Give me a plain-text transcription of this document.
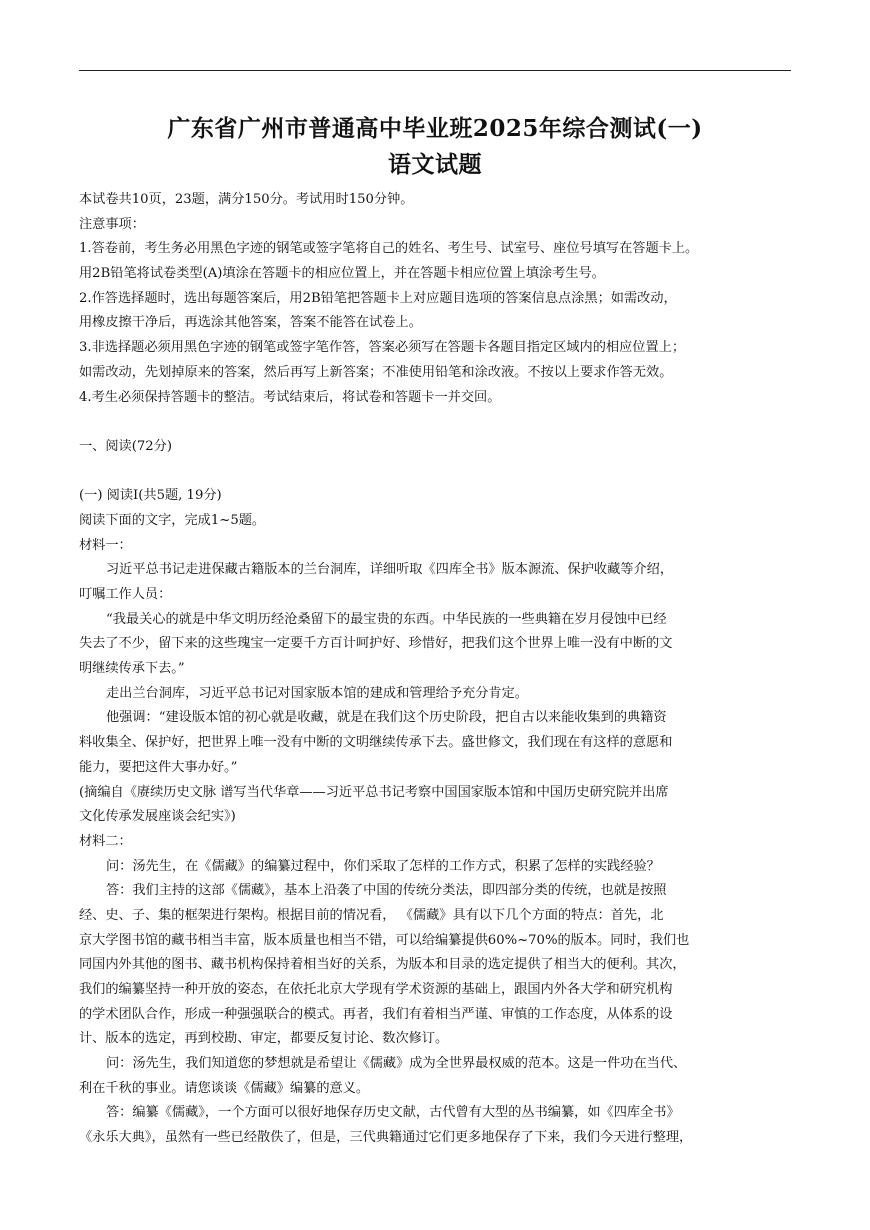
广东省广州市普通高中毕业班2025年综合测试(一)
语文试题
本试卷共10页，23题，满分150分。考试用时150分钟。
注意事项：
1.答卷前，考生务必用黑色字迹的钢笔或签字笔将自己的姓名、考生号、试室号、座位号填写在答题卡上。
用2B铅笔将试卷类型(A)填涂在答题卡的相应位置上，并在答题卡相应位置上填涂考生号。
2.作答选择题时，选出每题答案后，用2B铅笔把答题卡上对应题目选项的答案信息点涂黑；如需改动，
用橡皮擦干净后，再选涂其他答案，答案不能答在试卷上。
3.非选择题必须用黑色字迹的钢笔或签字笔作答，答案必须写在答题卡各题目指定区域内的相应位置上；
如需改动，先划掉原来的答案，然后再写上新答案；不准使用铅笔和涂改液。不按以上要求作答无效。
4.考生必须保持答题卡的整洁。考试结束后，将试卷和答题卡一并交回。
一、阅读(72分)
(一) 阅读Ⅰ(共5题, 19分)
阅读下面的文字，完成1~5题。
材料一：
习近平总书记走进保藏古籍版本的兰台洞库，详细听取《四库全书》版本源流、保护收藏等介绍，
叮嘱工作人员：
“我最关心的就是中华文明历经沧桑留下的最宝贵的东西。中华民族的一些典籍在岁月侵蚀中已经
失去了不少，留下来的这些瑰宝一定要千方百计呵护好、珍惜好，把我们这个世界上唯一没有中断的文
明继续传承下去。”
走出兰台洞库，习近平总书记对国家版本馆的建成和管理给予充分肯定。
他强调：“建设版本馆的初心就是收藏，就是在我们这个历史阶段，把自古以来能收集到的典籍资
料收集全、保护好，把世界上唯一没有中断的文明继续传承下去。盛世修文，我们现在有这样的意愿和
能力，要把这件大事办好。”
(摘编自《赓续历史文脉 谱写当代华章——习近平总书记考察中国国家版本馆和中国历史研究院并出席
文化传承发展座谈会纪实》)
材料二：
问：汤先生，在《儒藏》的编纂过程中，你们采取了怎样的工作方式，积累了怎样的实践经验？
答：我们主持的这部《儒藏》，基本上沿袭了中国的传统分类法，即四部分类的传统，也就是按照
经、史、子、集的框架进行架构。根据目前的情况看， 《儒藏》具有以下几个方面的特点：首先，北
京大学图书馆的藏书相当丰富，版本质量也相当不错，可以给编纂提供60%~70%的版本。同时，我们也
同国内外其他的图书、藏书机构保持着相当好的关系，为版本和目录的选定提供了相当大的便利。其次，
我们的编纂坚持一种开放的姿态，在依托北京大学现有学术资源的基础上，跟国内外各大学和研究机构
的学术团队合作，形成一种强强联合的模式。再者，我们有着相当严谨、审慎的工作态度，从体系的设
计、版本的选定，再到校勘、审定，都要反复讨论、数次修订。
问：汤先生，我们知道您的梦想就是希望让《儒藏》成为全世界最权威的范本。这是一件功在当代、
利在千秋的事业。请您谈谈《儒藏》编纂的意义。
答：编纂《儒藏》，一个方面可以很好地保存历史文献，古代曾有大型的丛书编纂，如《四库全书》
《永乐大典》，虽然有一些已经散佚了，但是，三代典籍通过它们更多地保存了下来，我们今天进行整理，
